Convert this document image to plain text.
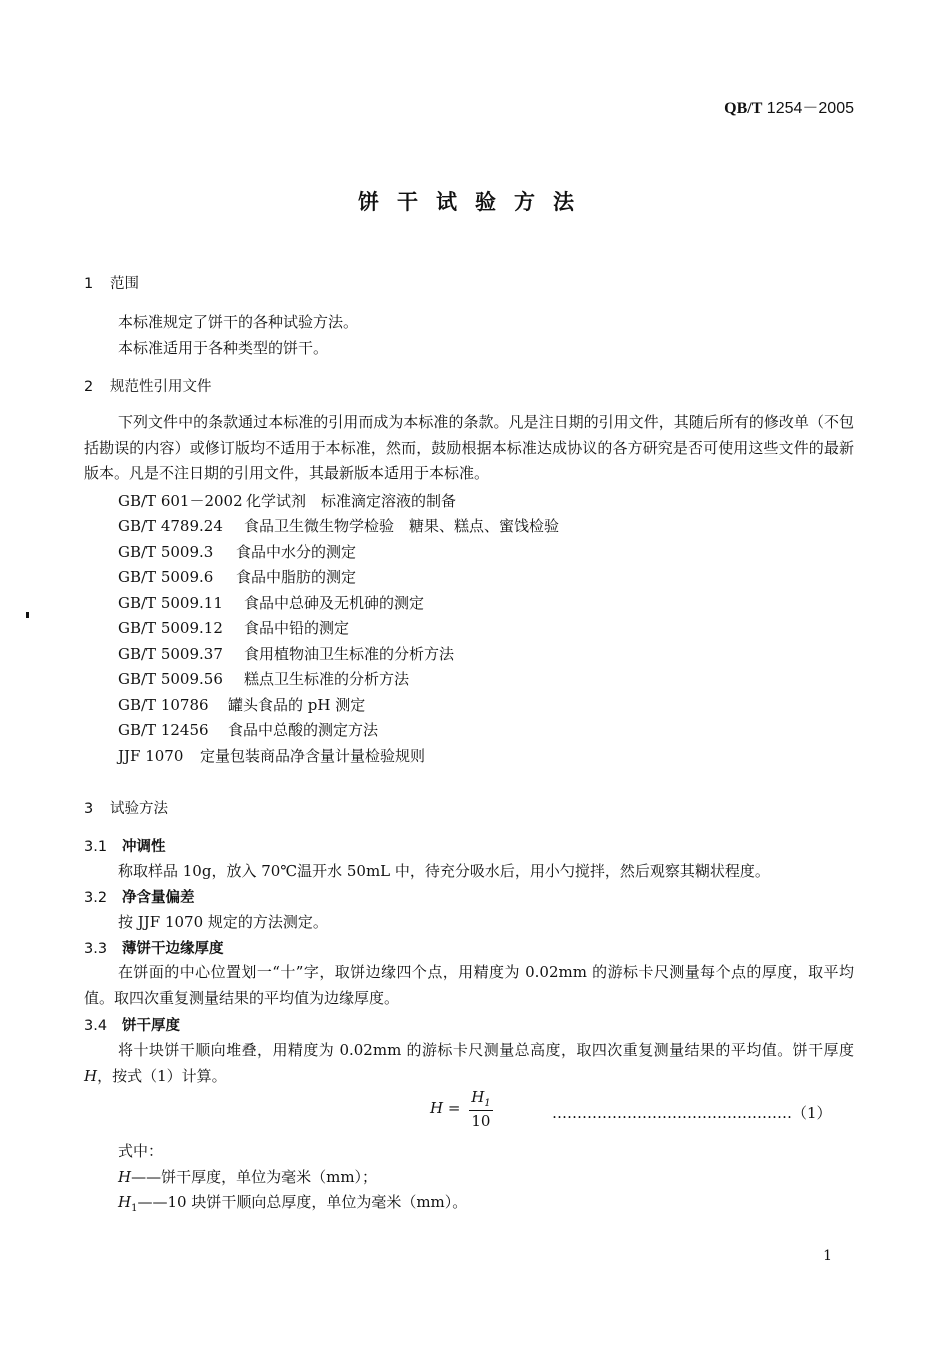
QB/T 1254－2005
饼干试验方法
1 范围
本标准规定了饼干的各种试验方法。
本标准适用于各种类型的饼干。
2 规范性引用文件
下列文件中的条款通过本标准的引用而成为本标准的条款。凡是注日期的引用文件，其随后所有的修改单（不包括勘误的内容）或修订版均不适用于本标准，然而，鼓励根据本标准达成协议的各方研究是否可使用这些文件的最新版本。凡是不注日期的引用文件，其最新版本适用于本标准。
GB/T 601－2002 化学试剂　标准滴定溶液的制备
GB/T 4789.24 食品卫生微生物学检验　糖果、糕点、蜜饯检验
GB/T 5009.3 食品中水分的测定
GB/T 5009.6 食品中脂肪的测定
GB/T 5009.11 食品中总砷及无机砷的测定
GB/T 5009.12 食品中铅的测定
GB/T 5009.37 食用植物油卫生标准的分析方法
GB/T 5009.56 糕点卫生标准的分析方法
GB/T 10786 罐头食品的 pH 测定
GB/T 12456 食品中总酸的测定方法
JJF 1070 定量包装商品净含量计量检验规则
3 试验方法
3.1 冲调性
称取样品 10g，放入 70℃温开水 50mL 中，待充分吸水后，用小勺搅拌，然后观察其糊状程度。
3.2 净含量偏差
按 JJF 1070 规定的方法测定。
3.3 薄饼干边缘厚度
在饼面的中心位置划一“十”字，取饼边缘四个点，用精度为 0.02mm 的游标卡尺测量每个点的厚度，取平均值。取四次重复测量结果的平均值为边缘厚度。
3.4 饼干厚度
将十块饼干顺向堆叠，用精度为 0.02mm 的游标卡尺测量总高度，取四次重复测量结果的平均值。饼干厚度H，按式（1）计算。
$H = \frac{H_1}{10}$	…………………………………………（1）
式中：
H——饼干厚度，单位为毫米（mm）；
$H_1——10$ 块饼干顺向总厚度，单位为毫米（mm）。
1
